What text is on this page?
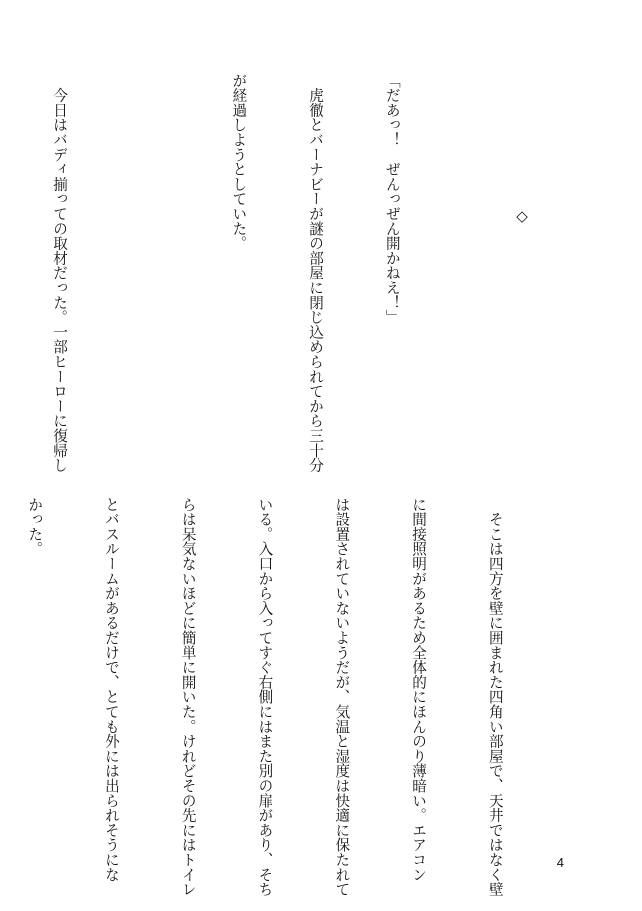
「だあっ！　ぜんっぜん開かねえ！」

　虎徹とバーナビーが謎の部屋に閉じ込められてから三十分

が経過しようとしていた。

　今日はバディ揃っての取材だった。一部ヒーローに復帰し

	◇

　そこは四方を壁に囲まれた四角い部屋で、天井ではなく壁

に間接照明があるため全体的にほんのり薄暗い。エアコン

は設置されていないようだが、気温と湿度は快適に保たれて

いる。入口から入ってすぐ右側にはまた別の扉があり、そち

らは呆気ないほどに簡単に開いた。けれどその先にはトイレ

とバスルームがあるだけで、とても外には出られそうにな

かった。

4
